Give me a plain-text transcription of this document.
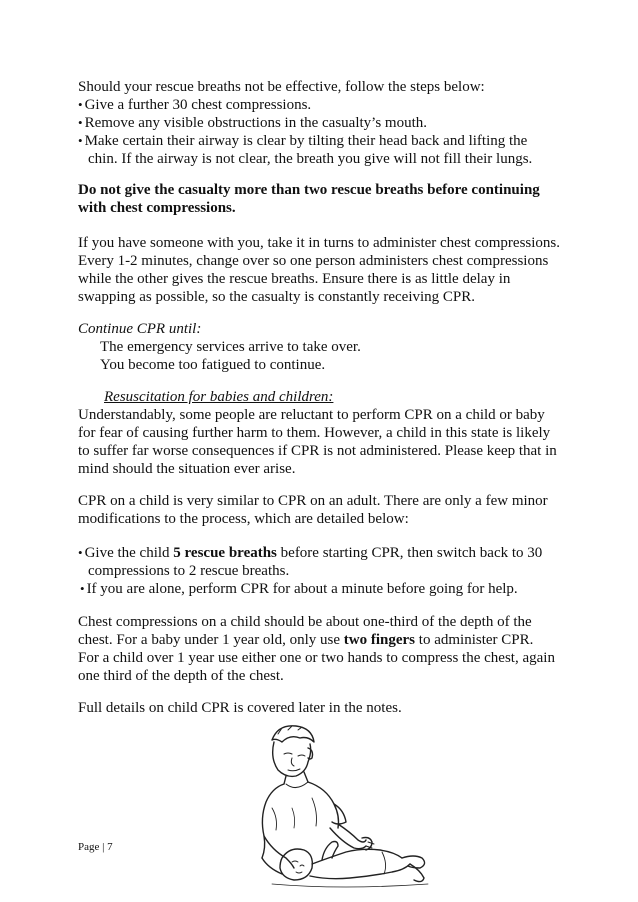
Should your rescue breaths not be effective, follow the steps below:
• Give a further 30 chest compressions.
• Remove any visible obstructions in the casualty’s mouth.
• Make certain their airway is clear by tilting their head back and lifting the
chin. If the airway is not clear, the breath you give will not fill their lungs.
Do not give the casualty more than two rescue breaths before continuing
with chest compressions.
If you have someone with you, take it in turns to administer chest compressions.
Every 1-2 minutes, change over so one person administers chest compressions
while the other gives the rescue breaths. Ensure there is as little delay in
swapping as possible, so the casualty is constantly receiving CPR.
Continue CPR until:
The emergency services arrive to take over.
You become too fatigued to continue.
Resuscitation for babies and children:
Understandably, some people are reluctant to perform CPR on a child or baby
for fear of causing further harm to them. However, a child in this state is likely
to suffer far worse consequences if CPR is not administered. Please keep that in
mind should the situation ever arise.
CPR on a child is very similar to CPR on an adult. There are only a few minor
modifications to the process, which are detailed below:
• Give the child 5 rescue breaths before starting CPR, then switch back to 30
compressions to 2 rescue breaths.
• If you are alone, perform CPR for about a minute before going for help.
Chest compressions on a child should be about one-third of the depth of the
chest. For a baby under 1 year old, only use two fingers to administer CPR.
For a child over 1 year use either one or two hands to compress the chest, again
one third of the depth of the chest.
Full details on child CPR is covered later in the notes.
Page | 7
